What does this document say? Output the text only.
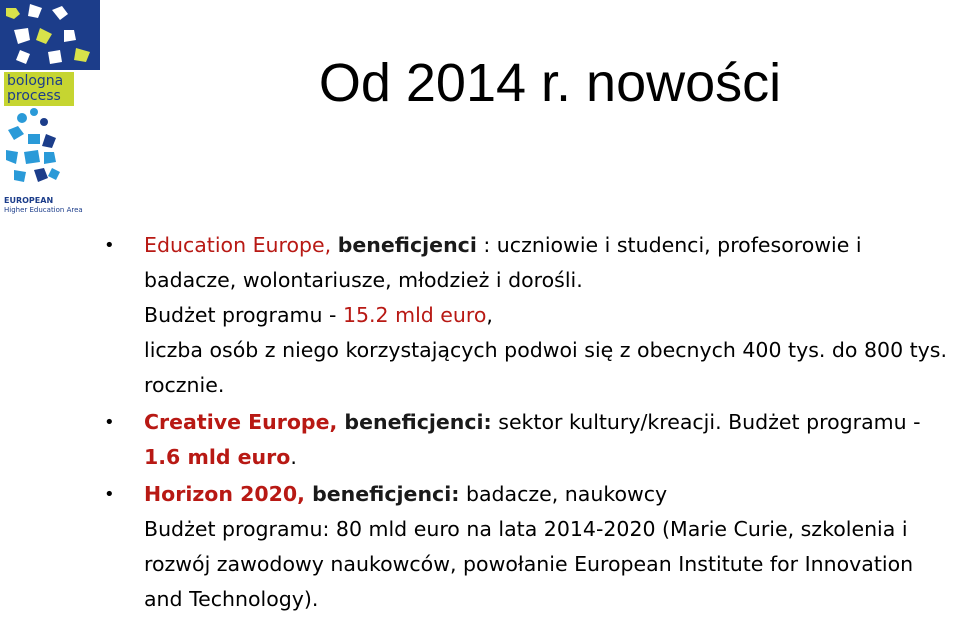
bologna
process
EUROPEAN
Higher Education Area
Od 2014 r. nowości
• Education Europe, beneficjenci : uczniowie i studenci, profesorowie i badacze, wolontariusze, młodzież i dorośli.
Budżet programu - 15.2 mld euro,
liczba osób z niego korzystających podwoi się z obecnych 400 tys. do 800 tys. rocznie.
• Creative Europe, beneficjenci: sektor kultury/kreacji. Budżet programu - 1.6 mld euro.
• Horizon 2020, beneficjenci: badacze, naukowcy
Budżet programu: 80 mld euro na lata 2014-2020 (Marie Curie, szkolenia i rozwój zawodowy naukowców, powołanie European Institute for Innovation and Technology).
